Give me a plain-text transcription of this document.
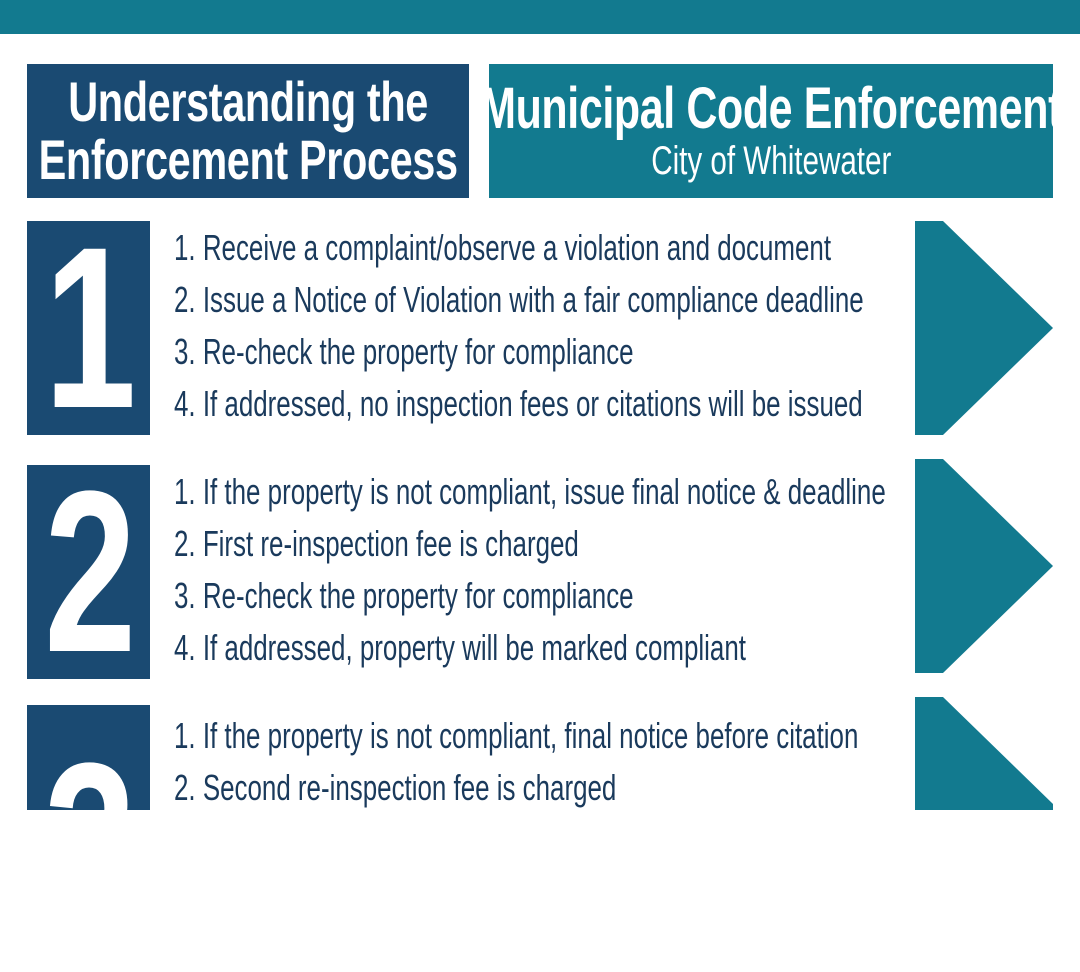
Understanding the
Enforcement Process
Municipal Code Enforcement
City of Whitewater
1 1. Receive a complaint/observe a violation and document
2. Issue a Notice of Violation with a fair compliance deadline
3. Re-check the property for compliance
4. If addressed, no inspection fees or citations will be issued
2 1. If the property is not compliant, issue final notice & deadline
2. First re-inspection fee is charged
3. Re-check the property for compliance
4. If addressed, property will be marked compliant
3 1. If the property is not compliant, final notice before citation
2. Second re-inspection fee is charged
